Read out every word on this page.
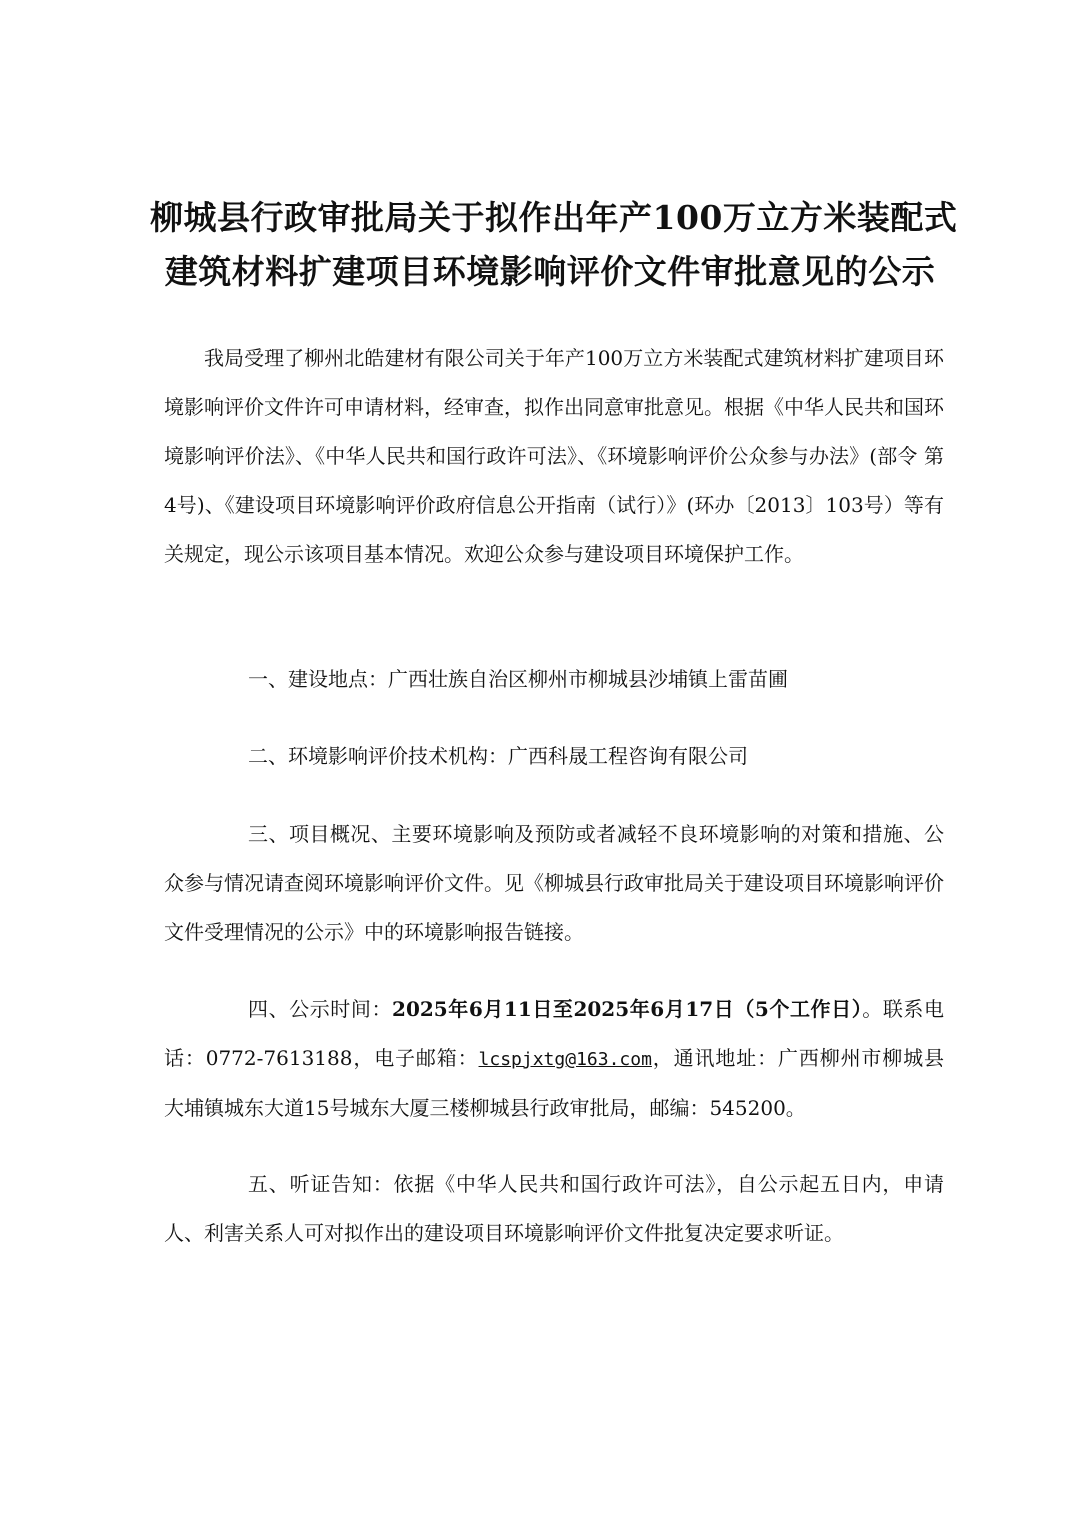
柳城县行政审批局关于拟作出年产100万立方米装配式
建筑材料扩建项目环境影响评价文件审批意见的公示
我局受理了柳州北皓建材有限公司关于年产100万立方米装配式建筑材料扩建项目环境影响评价文件许可申请材料，经审查，拟作出同意审批意见。根据《中华人民共和国环境影响评价法》、《中华人民共和国行政许可法》、《环境影响评价公众参与办法》(部令 第4号)、《建设项目环境影响评价政府信息公开指南（试行）》(环办〔2013〕103号）等有关规定，现公示该项目基本情况。欢迎公众参与建设项目环境保护工作。
一、建设地点：广西壮族自治区柳州市柳城县沙埔镇上雷苗圃
二、环境影响评价技术机构：广西科晟工程咨询有限公司
三、项目概况、主要环境影响及预防或者减轻不良环境影响的对策和措施、公众参与情况请查阅环境影响评价文件。见《柳城县行政审批局关于建设项目环境影响评价文件受理情况的公示》中的环境影响报告链接。
四、公示时间：2025年6月11日至2025年6月17日（5个工作日）。联系电话：0772-7613188，电子邮箱：lcspjxtg@163.com，通讯地址：广西柳州市柳城县大埔镇城东大道15号城东大厦三楼柳城县行政审批局，邮编：545200。
五、听证告知：依据《中华人民共和国行政许可法》，自公示起五日内，申请人、利害关系人可对拟作出的建设项目环境影响评价文件批复决定要求听证。
